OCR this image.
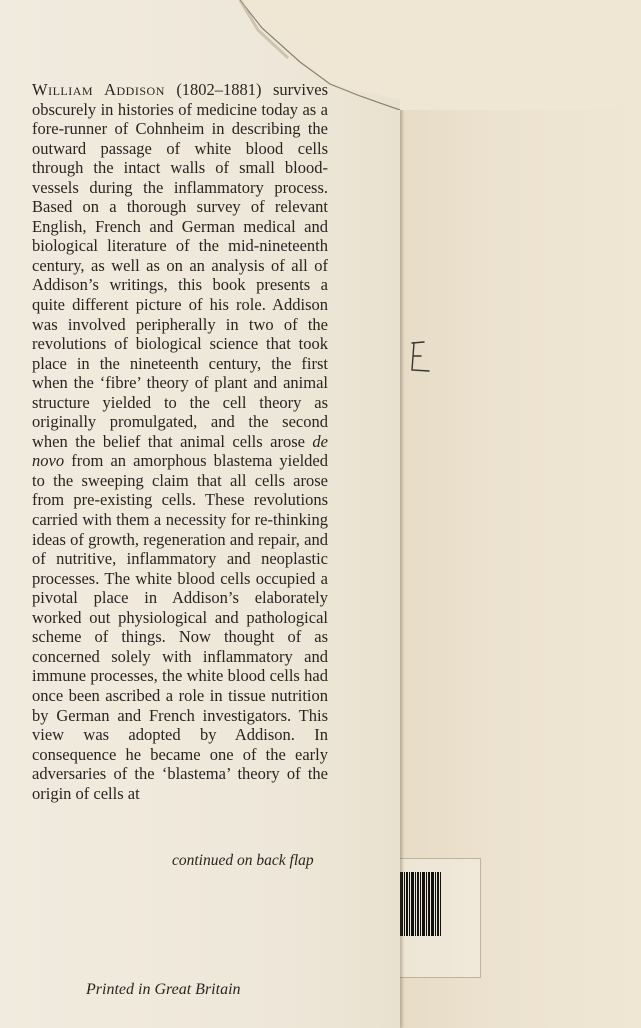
William Addison (1802–1881) survives obscurely in histories of medicine today as a fore-runner of Cohnheim in describing the outward passage of white blood cells through the intact walls of small blood-vessels during the inflammatory process. Based on a thorough survey of relevant English, French and German medical and biological literature of the mid-nineteenth century, as well as on an analysis of all of Addison’s writings, this book presents a quite different picture of his role. Addison was involved peripherally in two of the revolutions of biological science that took place in the nineteenth century, the first when the ‘fibre’ theory of plant and animal structure yielded to the cell theory as originally promulgated, and the second when the belief that animal cells arose de novo from an amorphous blastema yielded to the sweeping claim that all cells arose from pre-existing cells. These revolutions carried with them a necessity for re-thinking ideas of growth, regeneration and repair, and of nutritive, inflammatory and neoplastic processes. The white blood cells occupied a pivotal place in Addison’s elaborately worked out physiological and pathological scheme of things. Now thought of as concerned solely with inflammatory and immune processes, the white blood cells had once been ascribed a role in tissue nutrition by German and French investigators. This view was adopted by Addison. In consequence he became one of the early adversaries of the ‘blastema’ theory of the origin of cells at

continued on back flap
Printed in Great Britain
